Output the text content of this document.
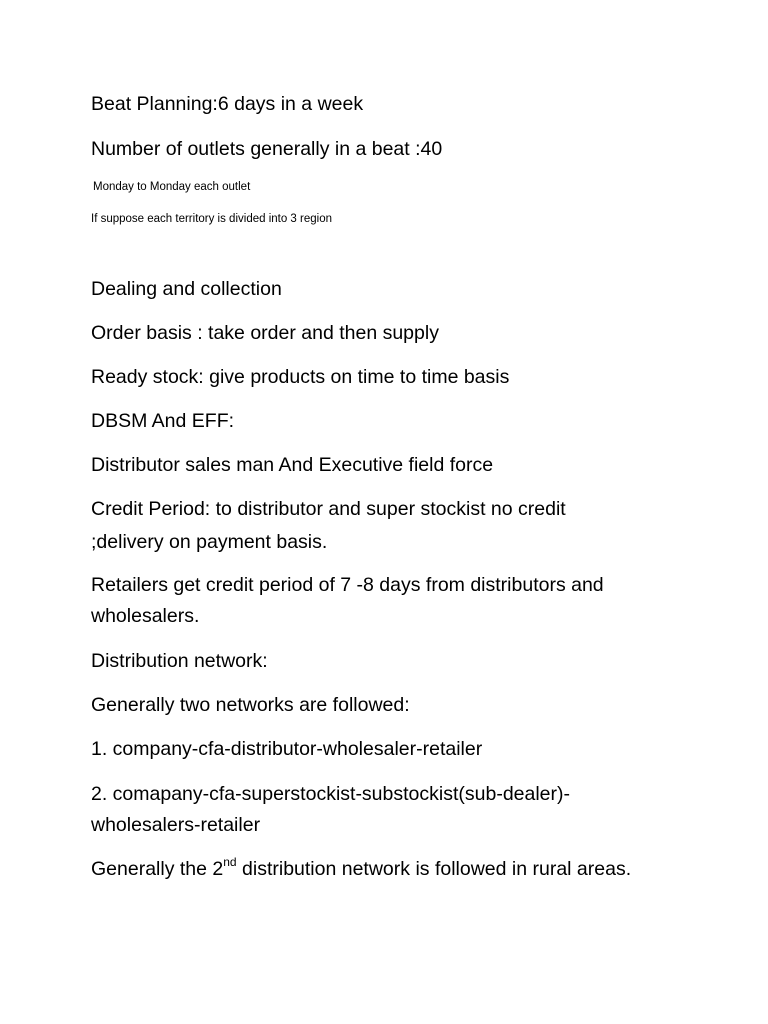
Beat Planning:6 days in a week

Number of outlets generally in a beat :40

Monday to Monday each outlet

If suppose each territory is divided into 3 region

Dealing and collection

Order basis : take order and then supply

Ready stock: give products on time to time basis

DBSM And EFF:

Distributor sales man And Executive field force

Credit Period: to distributor and super stockist no credit

;delivery on payment basis.

Retailers get credit period of 7 -8 days from distributors and

wholesalers.

Distribution network:

Generally two networks are followed:

1. company-cfa-distributor-wholesaler-retailer

2. comapany-cfa-superstockist-substockist(sub-dealer)-

wholesalers-retailer

Generally the 2nd distribution network is followed in rural areas.
